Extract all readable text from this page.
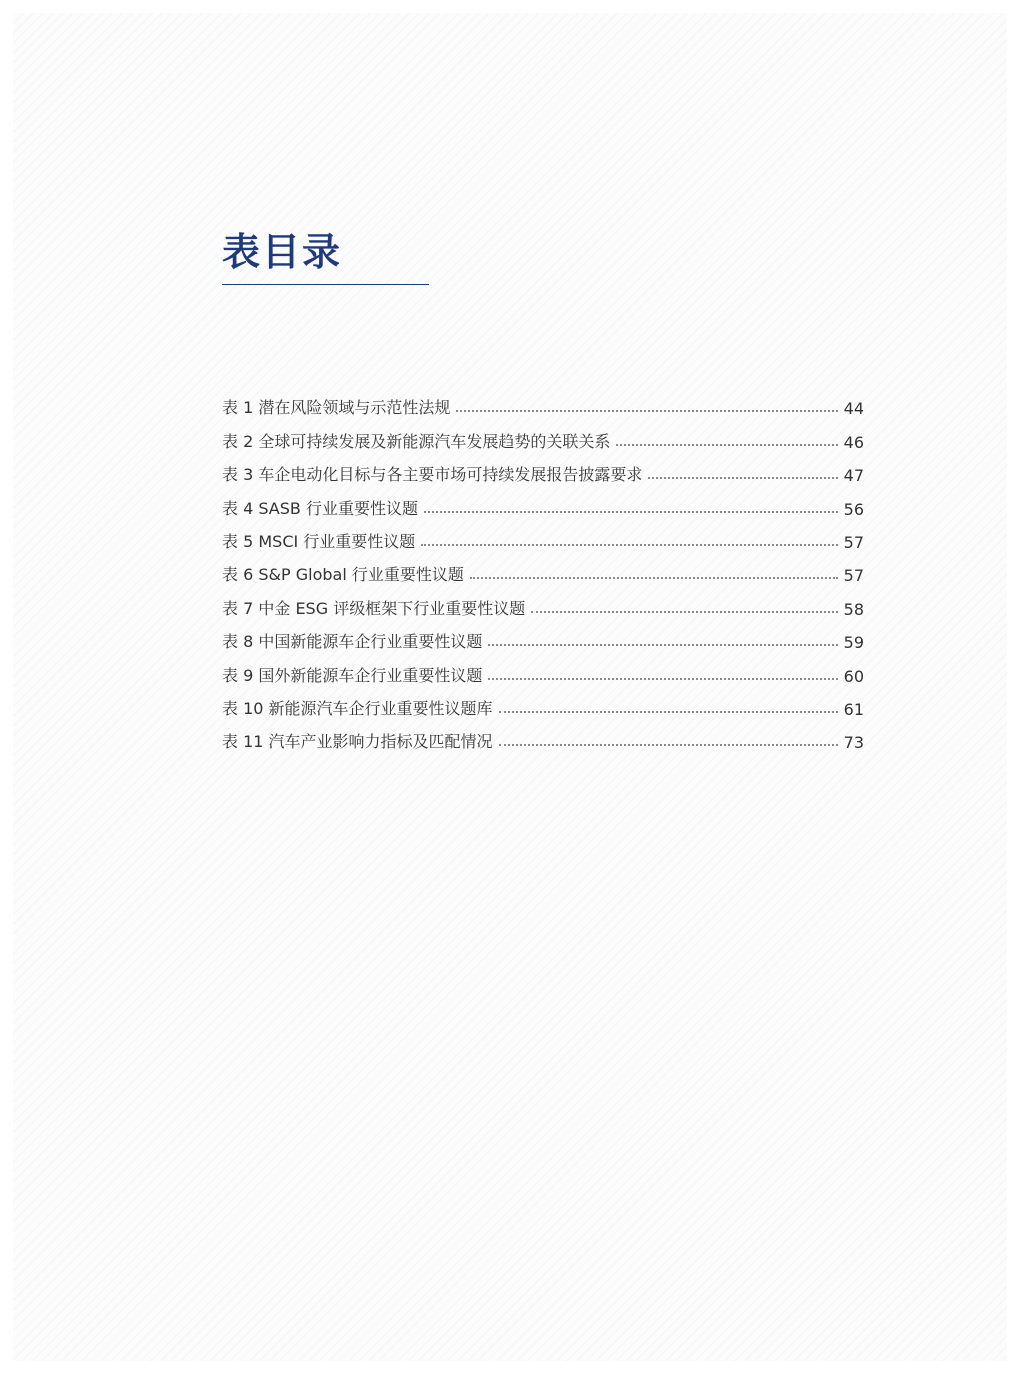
表目录
表 1 潜在风险领域与示范性法规	44
表 2 全球可持续发展及新能源汽车发展趋势的关联关系	46
表 3 车企电动化目标与各主要市场可持续发展报告披露要求	47
表 4 SASB 行业重要性议题	56
表 5 MSCI 行业重要性议题	57
表 6 S&P Global 行业重要性议题	57
表 7 中金 ESG 评级框架下行业重要性议题	58
表 8 中国新能源车企行业重要性议题	59
表 9 国外新能源车企行业重要性议题	60
表 10 新能源汽车企行业重要性议题库	61
表 11 汽车产业影响力指标及匹配情况	73
